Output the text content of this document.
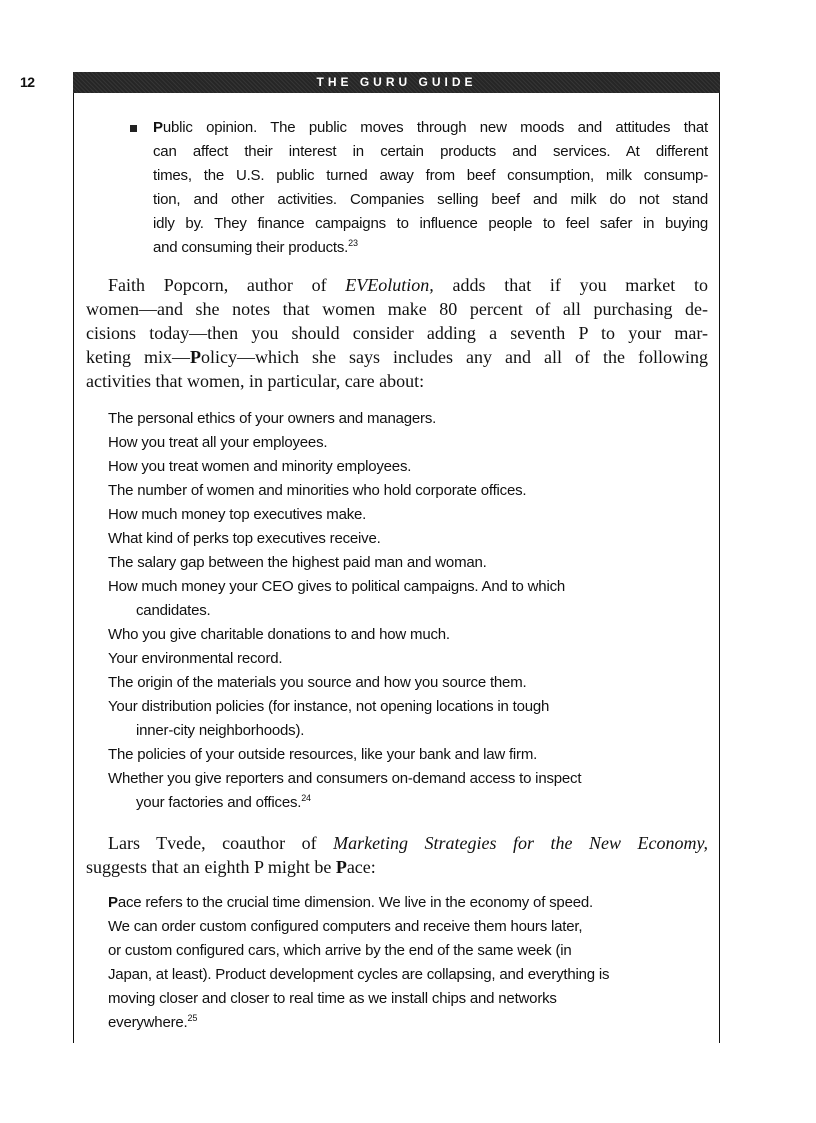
12	THE GURU GUIDE
Public opinion. The public moves through new moods and attitudes that
can affect their interest in certain products and services. At different
times, the U.S. public turned away from beef consumption, milk consump-
tion, and other activities. Companies selling beef and milk do not stand
idly by. They finance campaigns to influence people to feel safer in buying
and consuming their products.$^{23}$
Faith Popcorn, author of EVEolution, adds that if you market to
women—and she notes that women make 80 percent of all purchasing de-
cisions today—then you should consider adding a seventh P to your mar-
keting mix—Policy—which she says includes any and all of the following
activities that women, in particular, care about:
The personal ethics of your owners and managers.
How you treat all your employees.
How you treat women and minority employees.
The number of women and minorities who hold corporate offices.
How much money top executives make.
What kind of perks top executives receive.
The salary gap between the highest paid man and woman.
How much money your CEO gives to political campaigns. And to which
candidates.
Who you give charitable donations to and how much.
Your environmental record.
The origin of the materials you source and how you source them.
Your distribution policies (for instance, not opening locations in tough
inner-city neighborhoods).
The policies of your outside resources, like your bank and law firm.
Whether you give reporters and consumers on-demand access to inspect
your factories and offices.$^{24}$
Lars Tvede, coauthor of Marketing Strategies for the New Economy,
suggests that an eighth P might be Pace:
Pace refers to the crucial time dimension. We live in the economy of speed.
We can order custom configured computers and receive them hours later,
or custom configured cars, which arrive by the end of the same week (in
Japan, at least). Product development cycles are collapsing, and everything is
moving closer and closer to real time as we install chips and networks
everywhere.$^{25}$
